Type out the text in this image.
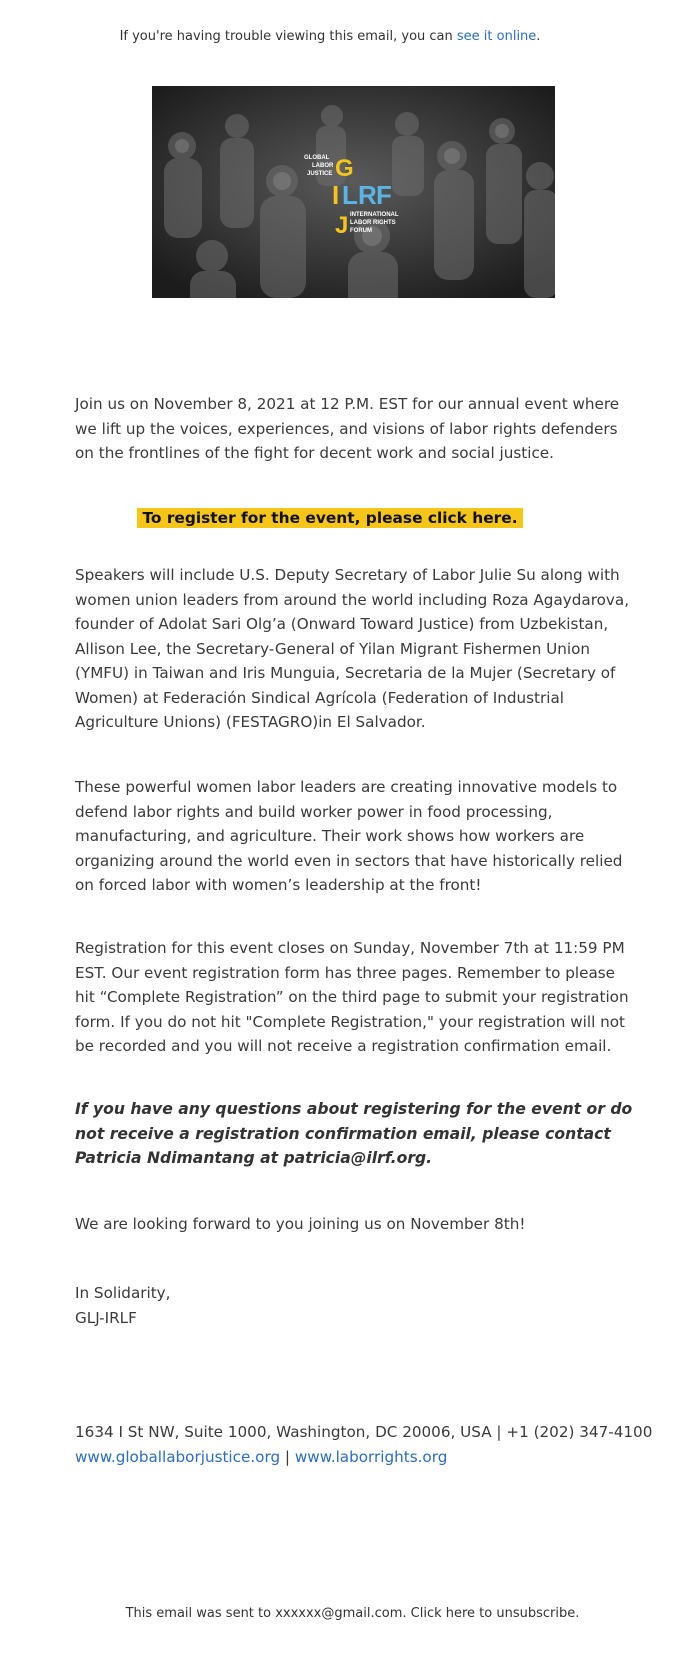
If you're having trouble viewing this email, you can see it online.
GLOBAL
LABOR
JUSTICE G
I L R F
J INTERNATIONAL
LABOR RIGHTS
FORUM

Join us on November 8, 2021 at 12 P.M. EST for our annual event where we lift up the voices, experiences, and visions of labor rights defenders on the frontlines of the fight for decent work and social justice.

To register for the event, please click here.

Speakers will include U.S. Deputy Secretary of Labor Julie Su along with women union leaders from around the world including Roza Agaydarova, founder of Adolat Sari Olg’a (Onward Toward Justice) from Uzbekistan, Allison Lee, the Secretary-General of Yilan Migrant Fishermen Union (YMFU) in Taiwan and Iris Munguia, Secretaria de la Mujer (Secretary of Women) at Federación Sindical Agrícola (Federation of Industrial Agriculture Unions) (FESTAGRO)in El Salvador.

These powerful women labor leaders are creating innovative models to defend labor rights and build worker power in food processing, manufacturing, and agriculture. Their work shows how workers are organizing around the world even in sectors that have historically relied on forced labor with women’s leadership at the front!

Registration for this event closes on Sunday, November 7th at 11:59 PM EST. Our event registration form has three pages. Remember to please hit “Complete Registration” on the third page to submit your registration form. If you do not hit "Complete Registration," your registration will not be recorded and you will not receive a registration confirmation email.

If you have any questions about registering for the event or do not receive a registration confirmation email, please contact Patricia Ndimantang at patricia@ilrf.org.

We are looking forward to you joining us on November 8th!

In Solidarity,

GLJ-IRLF

1634 I St NW, Suite 1000, Washington, DC 20006, USA | +1 (202) 347-4100

www.globallaborjustice.org | www.laborrights.org

This email was sent to xxxxxx@gmail.com. Click here to unsubscribe.
